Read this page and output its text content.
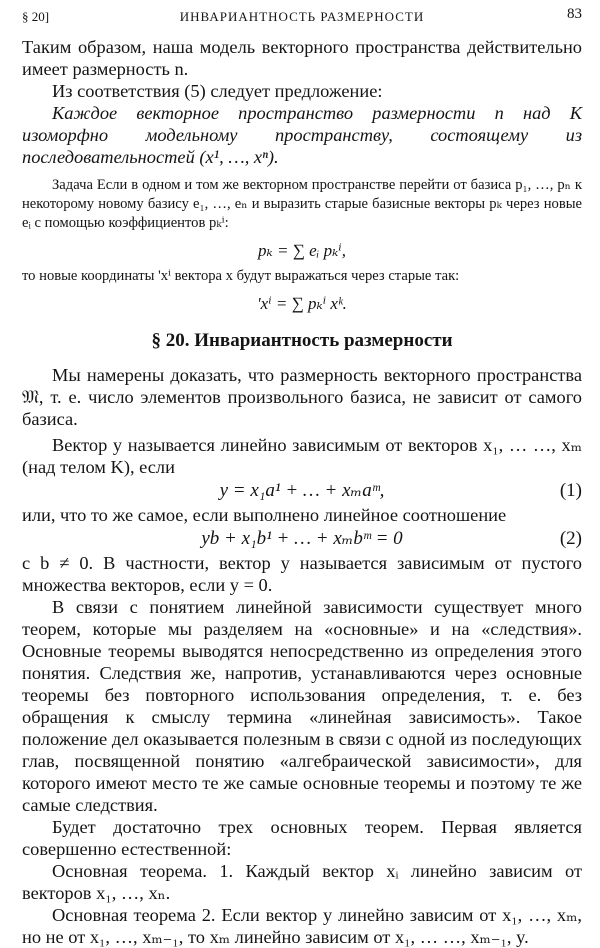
§ 20]	ИНВАРИАНТНОСТЬ РАЗМЕРНОСТИ	83

Таким образом, наша модель векторного пространства действительно имеет размерность n.

Из соответствия (5) следует предложение:

Каждое векторное пространство размерности n над K изоморфно модельному пространству, состоящему из последовательностей (x¹, …, xⁿ).

Задача Если в одном и том же векторном пространстве перейти от базиса p₁, …, pₙ к некоторому новому базису e₁, …, eₙ и выразить старые базисные векторы pₖ через новые eᵢ с помощью коэффициентов pₖⁱ:

pₖ = ∑ eᵢ pₖⁱ,

то новые координаты 'xⁱ вектора x будут выражаться через старые так:

'xⁱ = ∑ pₖⁱ xᵏ.
§ 20. Инвариантность размерности

Мы намерены доказать, что размерность векторного пространства 𝔐, т. е. число элементов произвольного базиса, не зависит от самого базиса.

Вектор y называется линейно зависимым от векторов x₁, … …, xₘ (над телом K), если

y = x₁a¹ + … + xₘaᵐ,	(1)

или, что то же самое, если выполнено линейное соотношение

yb + x₁b¹ + … + xₘbᵐ = 0	(2)

с b ≠ 0. В частности, вектор y называется зависимым от пустого множества векторов, если y = 0.

В связи с понятием линейной зависимости существует много теорем, которые мы разделяем на «основные» и на «следствия». Основные теоремы выводятся непосредственно из определения этого понятия. Следствия же, напротив, устанавливаются через основные теоремы без повторного использования определения, т. е. без обращения к смыслу термина «линейная зависимость». Такое положение дел оказывается полезным в связи с одной из последующих глав, посвященной понятию «алгебраической зависимости», для которого имеют место те же самые основные теоремы и поэтому те же самые следствия.

Будет достаточно трех основных теорем. Первая является совершенно естественной:

Основная теорема. 1. Каждый вектор xᵢ линейно зависим от векторов x₁, …, xₙ.

Основная теорема 2. Если вектор y линейно зависим от x₁, …, xₘ, но не от x₁, …, xₘ₋₁, то xₘ линейно зависим от x₁, … …, xₘ₋₁, y.
